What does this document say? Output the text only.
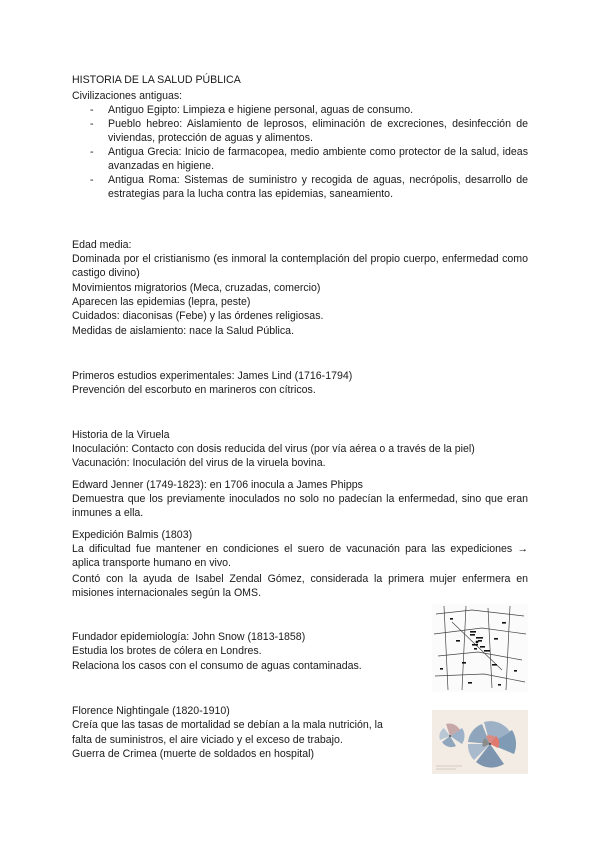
HISTORIA DE LA SALUD PÚBLICA
Civilizaciones antiguas:
- Antiguo Egipto: Limpieza e higiene personal, aguas de consumo.
- Pueblo hebreo: Aislamiento de leprosos, eliminación de excreciones, desinfección de viviendas, protección de aguas y alimentos.
- Antigua Grecia: Inicio de farmacopea, medio ambiente como protector de la salud, ideas avanzadas en higiene.
- Antigua Roma: Sistemas de suministro y recogida de aguas, necrópolis, desarrollo de estrategias para la lucha contra las epidemias, saneamiento.
Edad media:
Dominada por el cristianismo (es inmoral la contemplación del propio cuerpo, enfermedad como castigo divino)
Movimientos migratorios (Meca, cruzadas, comercio)
Aparecen las epidemias (lepra, peste)
Cuidados: diaconisas (Febe) y las órdenes religiosas.
Medidas de aislamiento: nace la Salud Pública.
Primeros estudios experimentales: James Lind (1716-1794)
Prevención del escorbuto en marineros con cítricos.
Historia de la Viruela
Inoculación: Contacto con dosis reducida del virus (por vía aérea o a través de la piel)
Vacunación: Inoculación del virus de la viruela bovina.
Edward Jenner (1749-1823): en 1706 inocula a James Phipps
Demuestra que los previamente inoculados no solo no padecían la enfermedad, sino que eran inmunes a ella.
Expedición Balmis (1803)
La dificultad fue mantener en condiciones el suero de vacunación para las expediciones → aplica transporte humano en vivo.
Contó con la ayuda de Isabel Zendal Gómez, considerada la primera mujer enfermera en misiones internacionales según la OMS.
Fundador epidemiología: John Snow (1813-1858)
Estudia los brotes de cólera en Londres.
Relaciona los casos con el consumo de aguas contaminadas.
Florence Nightingale (1820-1910)
Creía que las tasas de mortalidad se debían a la mala nutrición, la
falta de suministros, el aire viciado y el exceso de trabajo.
Guerra de Crimea (muerte de soldados en hospital)
